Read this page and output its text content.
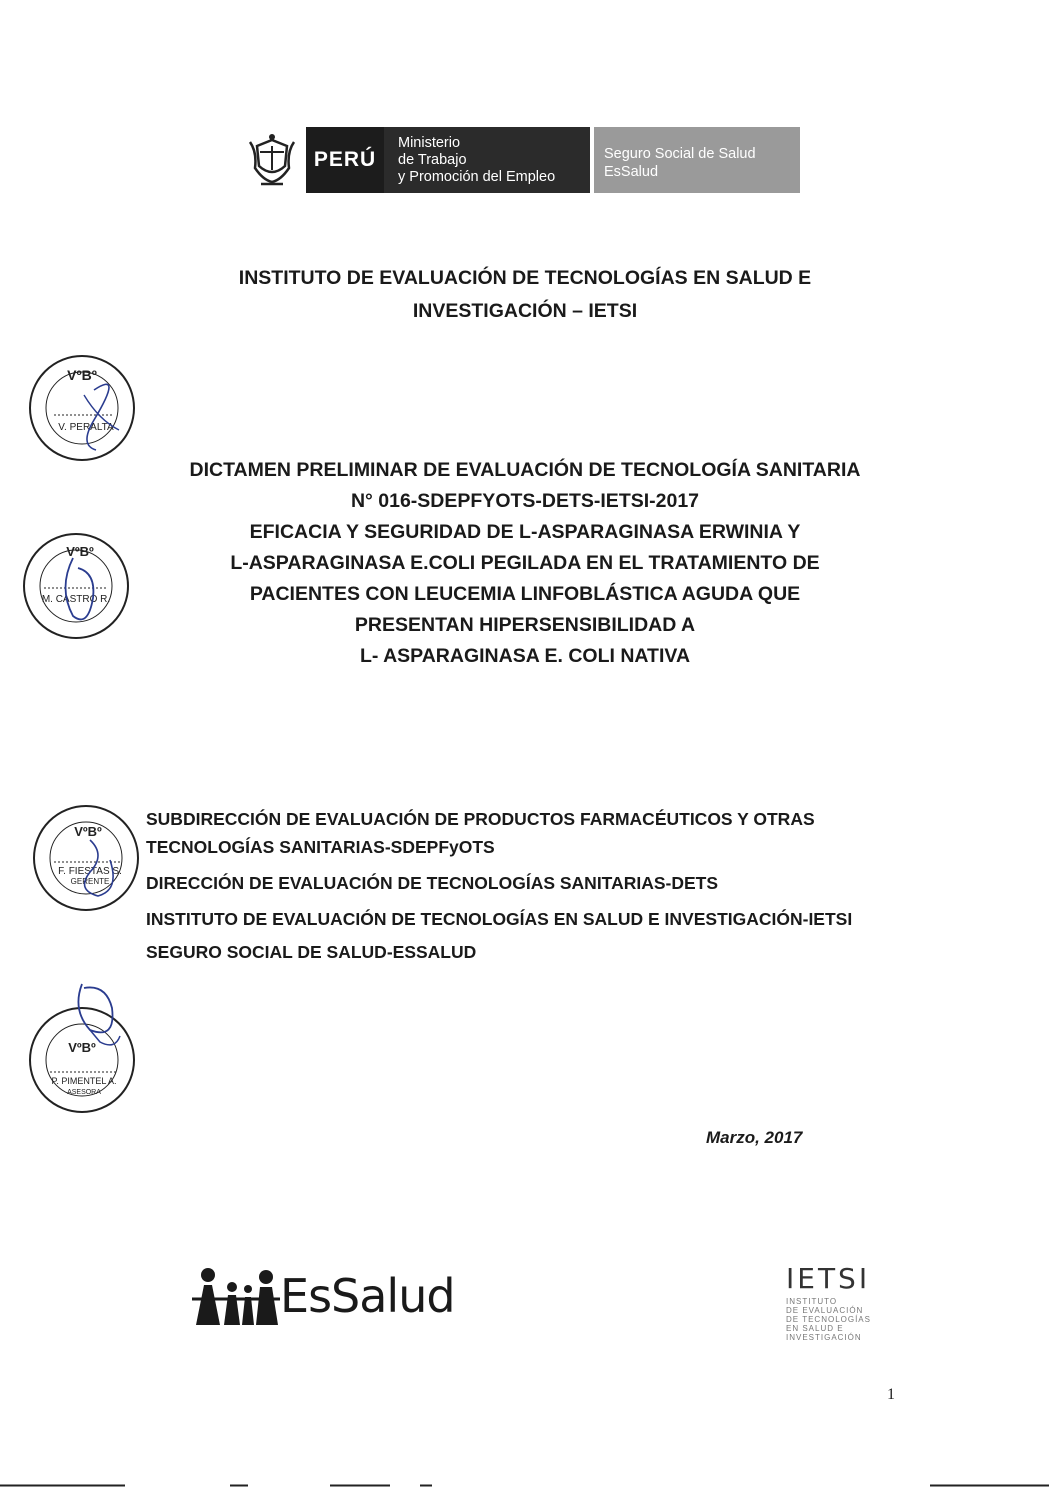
PERÚ
Ministerio
de Trabajo
y Promoción del Empleo
Seguro Social de Salud
EsSalud
INSTITUTO DE EVALUACIÓN DE TECNOLOGÍAS EN SALUD E
INVESTIGACIÓN – IETSI
DICTAMEN PRELIMINAR DE EVALUACIÓN DE TECNOLOGÍA SANITARIA
N° 016-SDEPFYOTS-DETS-IETSI-2017
EFICACIA Y SEGURIDAD DE L-ASPARAGINASA ERWINIA Y
L-ASPARAGINASA E.COLI PEGILADA EN EL TRATAMIENTO DE
PACIENTES CON LEUCEMIA LINFOBLÁSTICA AGUDA QUE
PRESENTAN HIPERSENSIBILIDAD A
L- ASPARAGINASA E. COLI NATIVA
SUBDIRECCIÓN DE EVALUACIÓN DE PRODUCTOS FARMACÉUTICOS Y OTRAS TECNOLOGÍAS SANITARIAS-SDEPFyOTS
DIRECCIÓN DE EVALUACIÓN DE TECNOLOGÍAS SANITARIAS-DETS
INSTITUTO DE EVALUACIÓN DE TECNOLOGÍAS EN SALUD E INVESTIGACIÓN-IETSI
SEGURO SOCIAL DE SALUD-ESSALUD
Marzo, 2017
VºBº
V. PERALTA
VºBº
M. CASTRO R.
VºBº
F. FIESTAS S.
GERENTE
VºBº
P. PIMENTEL A.
ASESORA
EsSalud	IETSI
INSTITUTO
DE EVALUACIÓN
DE TECNOLOGÍAS
EN SALUD E
INVESTIGACIÓN
1
